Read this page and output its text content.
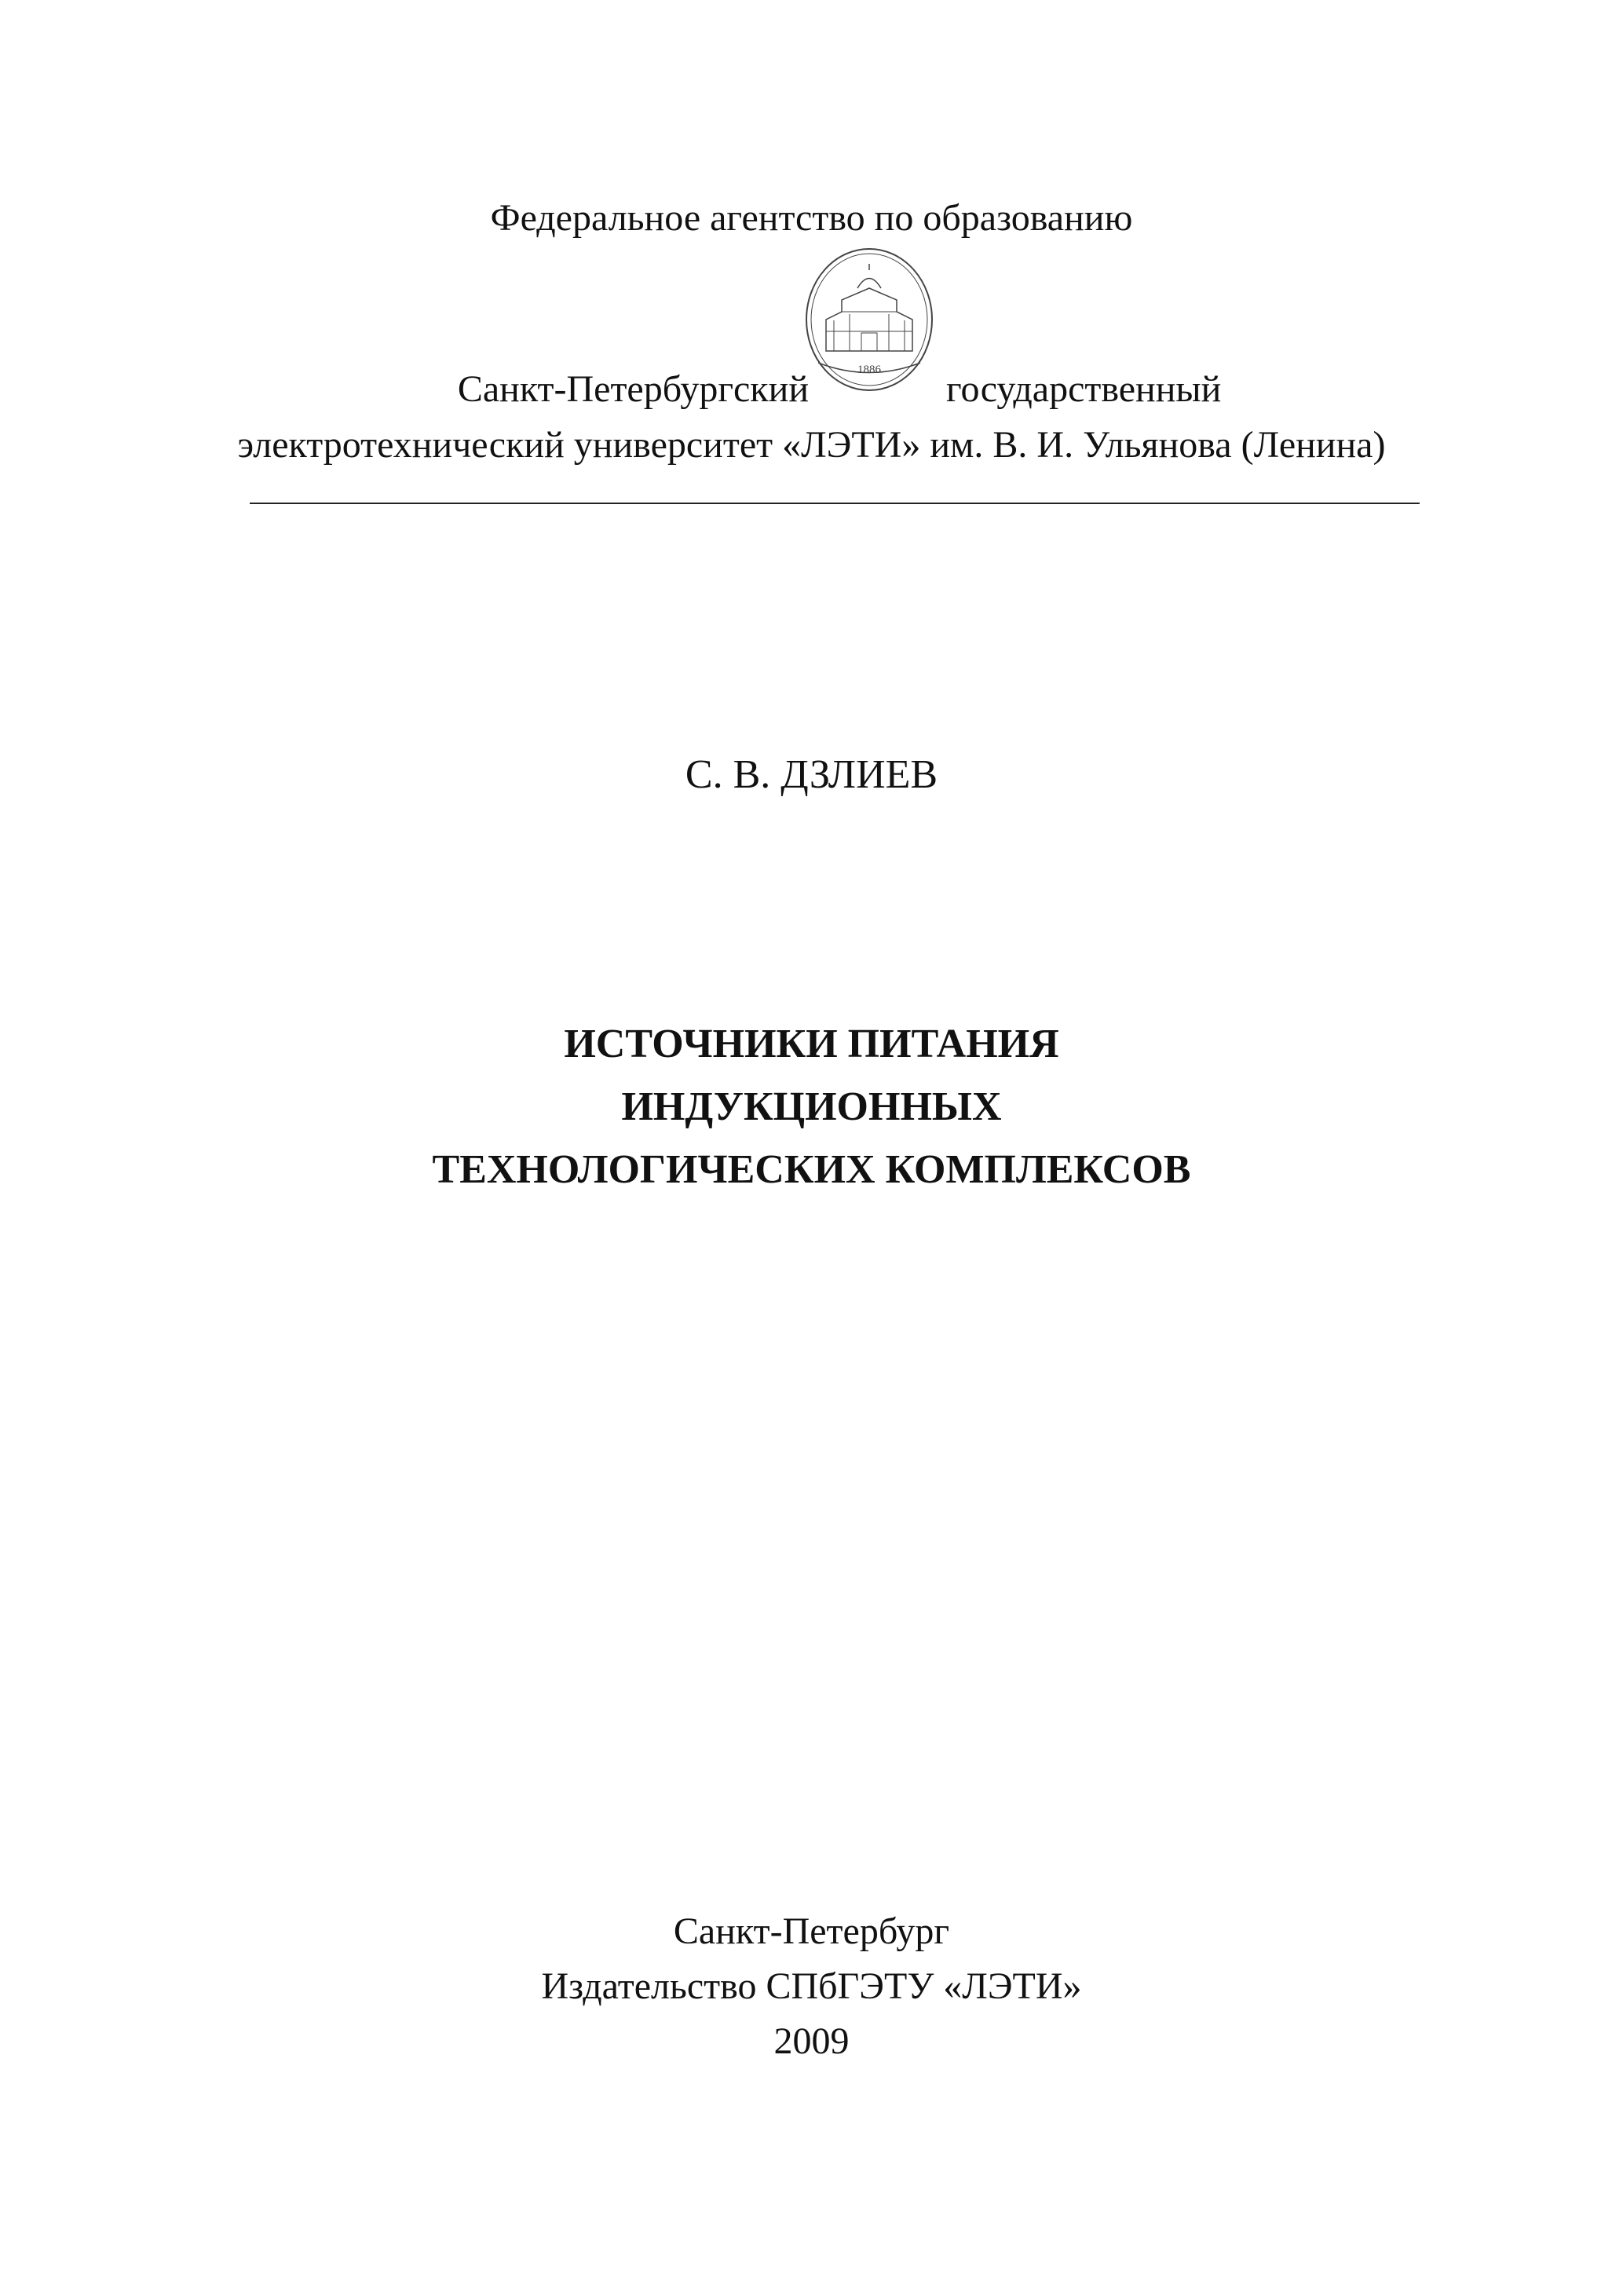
Федеральное агентство по образованию
1886
Санкт-Петербургский	государственный
электротехнический университет «ЛЭТИ» им. В. И. Ульянова (Ленина)
С. В. ДЗЛИЕВ
ИСТОЧНИКИ ПИТАНИЯ
ИНДУКЦИОННЫХ
ТЕХНОЛОГИЧЕСКИХ КОМПЛЕКСОВ
Санкт-Петербург
Издательство СПбГЭТУ «ЛЭТИ»
2009
